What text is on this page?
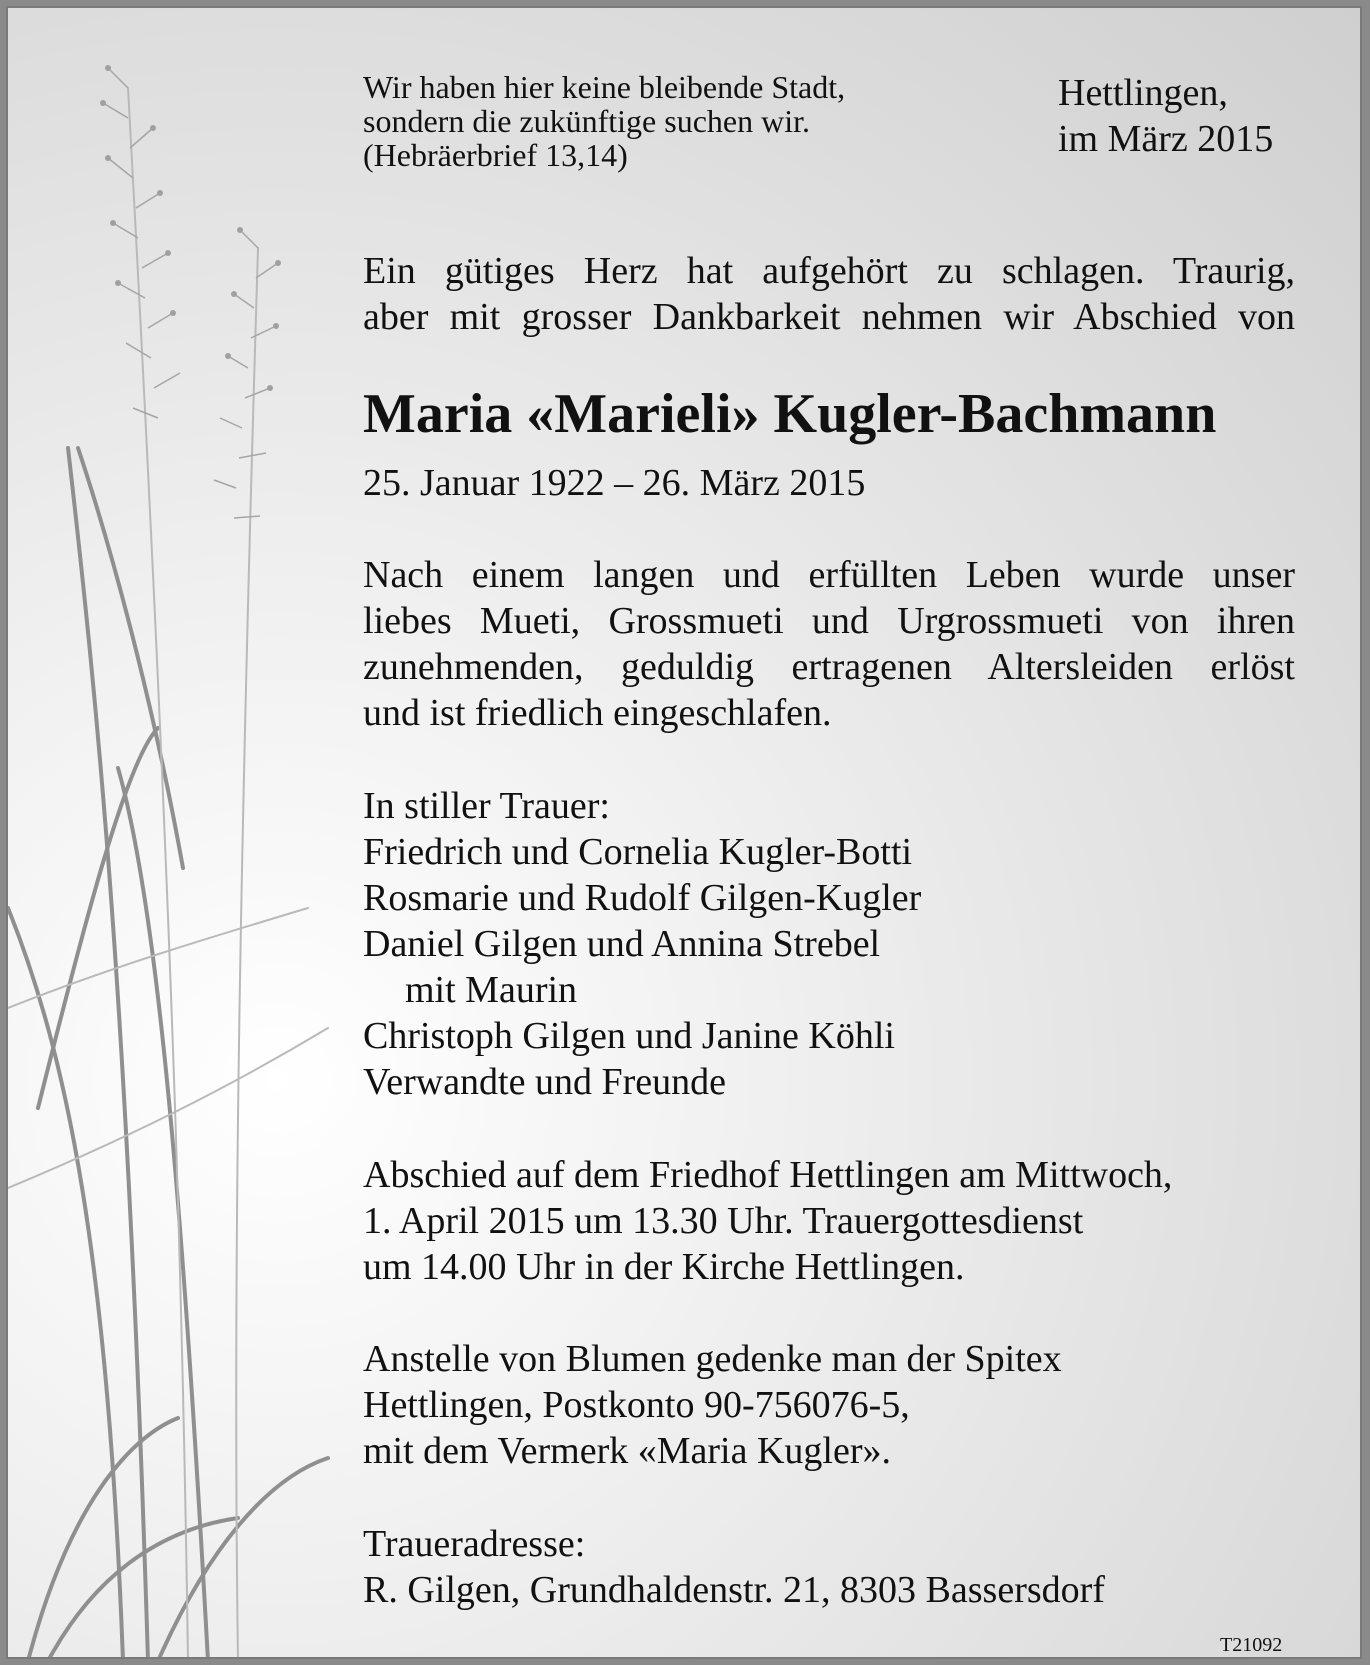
Wir haben hier keine bleibende Stadt,
sondern die zukünftige suchen wir.
(Hebräerbrief 13,14)
Hettlingen,
im März 2015
Ein gütiges Herz hat aufgehört zu schlagen. Traurig,
aber mit grosser Dankbarkeit nehmen wir Abschied von
Maria «Marieli» Kugler-Bachmann
25. Januar 1922 – 26. März 2015
Nach einem langen und erfüllten Leben wurde unser
liebes Mueti, Grossmueti und Urgrossmueti von ihren
zunehmenden, geduldig ertragenen Altersleiden erlöst
und ist friedlich eingeschlafen.
In stiller Trauer:
Friedrich und Cornelia Kugler-Botti
Rosmarie und Rudolf Gilgen-Kugler
Daniel Gilgen und Annina Strebel
mit Maurin
Christoph Gilgen und Janine Köhli
Verwandte und Freunde
Abschied auf dem Friedhof Hettlingen am Mittwoch,
1. April 2015 um 13.30 Uhr. Trauergottesdienst
um 14.00 Uhr in der Kirche Hettlingen.
Anstelle von Blumen gedenke man der Spitex
Hettlingen, Postkonto 90-756076-5,
mit dem Vermerk «Maria Kugler».
Traueradresse:
R. Gilgen, Grundhaldenstr. 21, 8303 Bassersdorf
T21092
